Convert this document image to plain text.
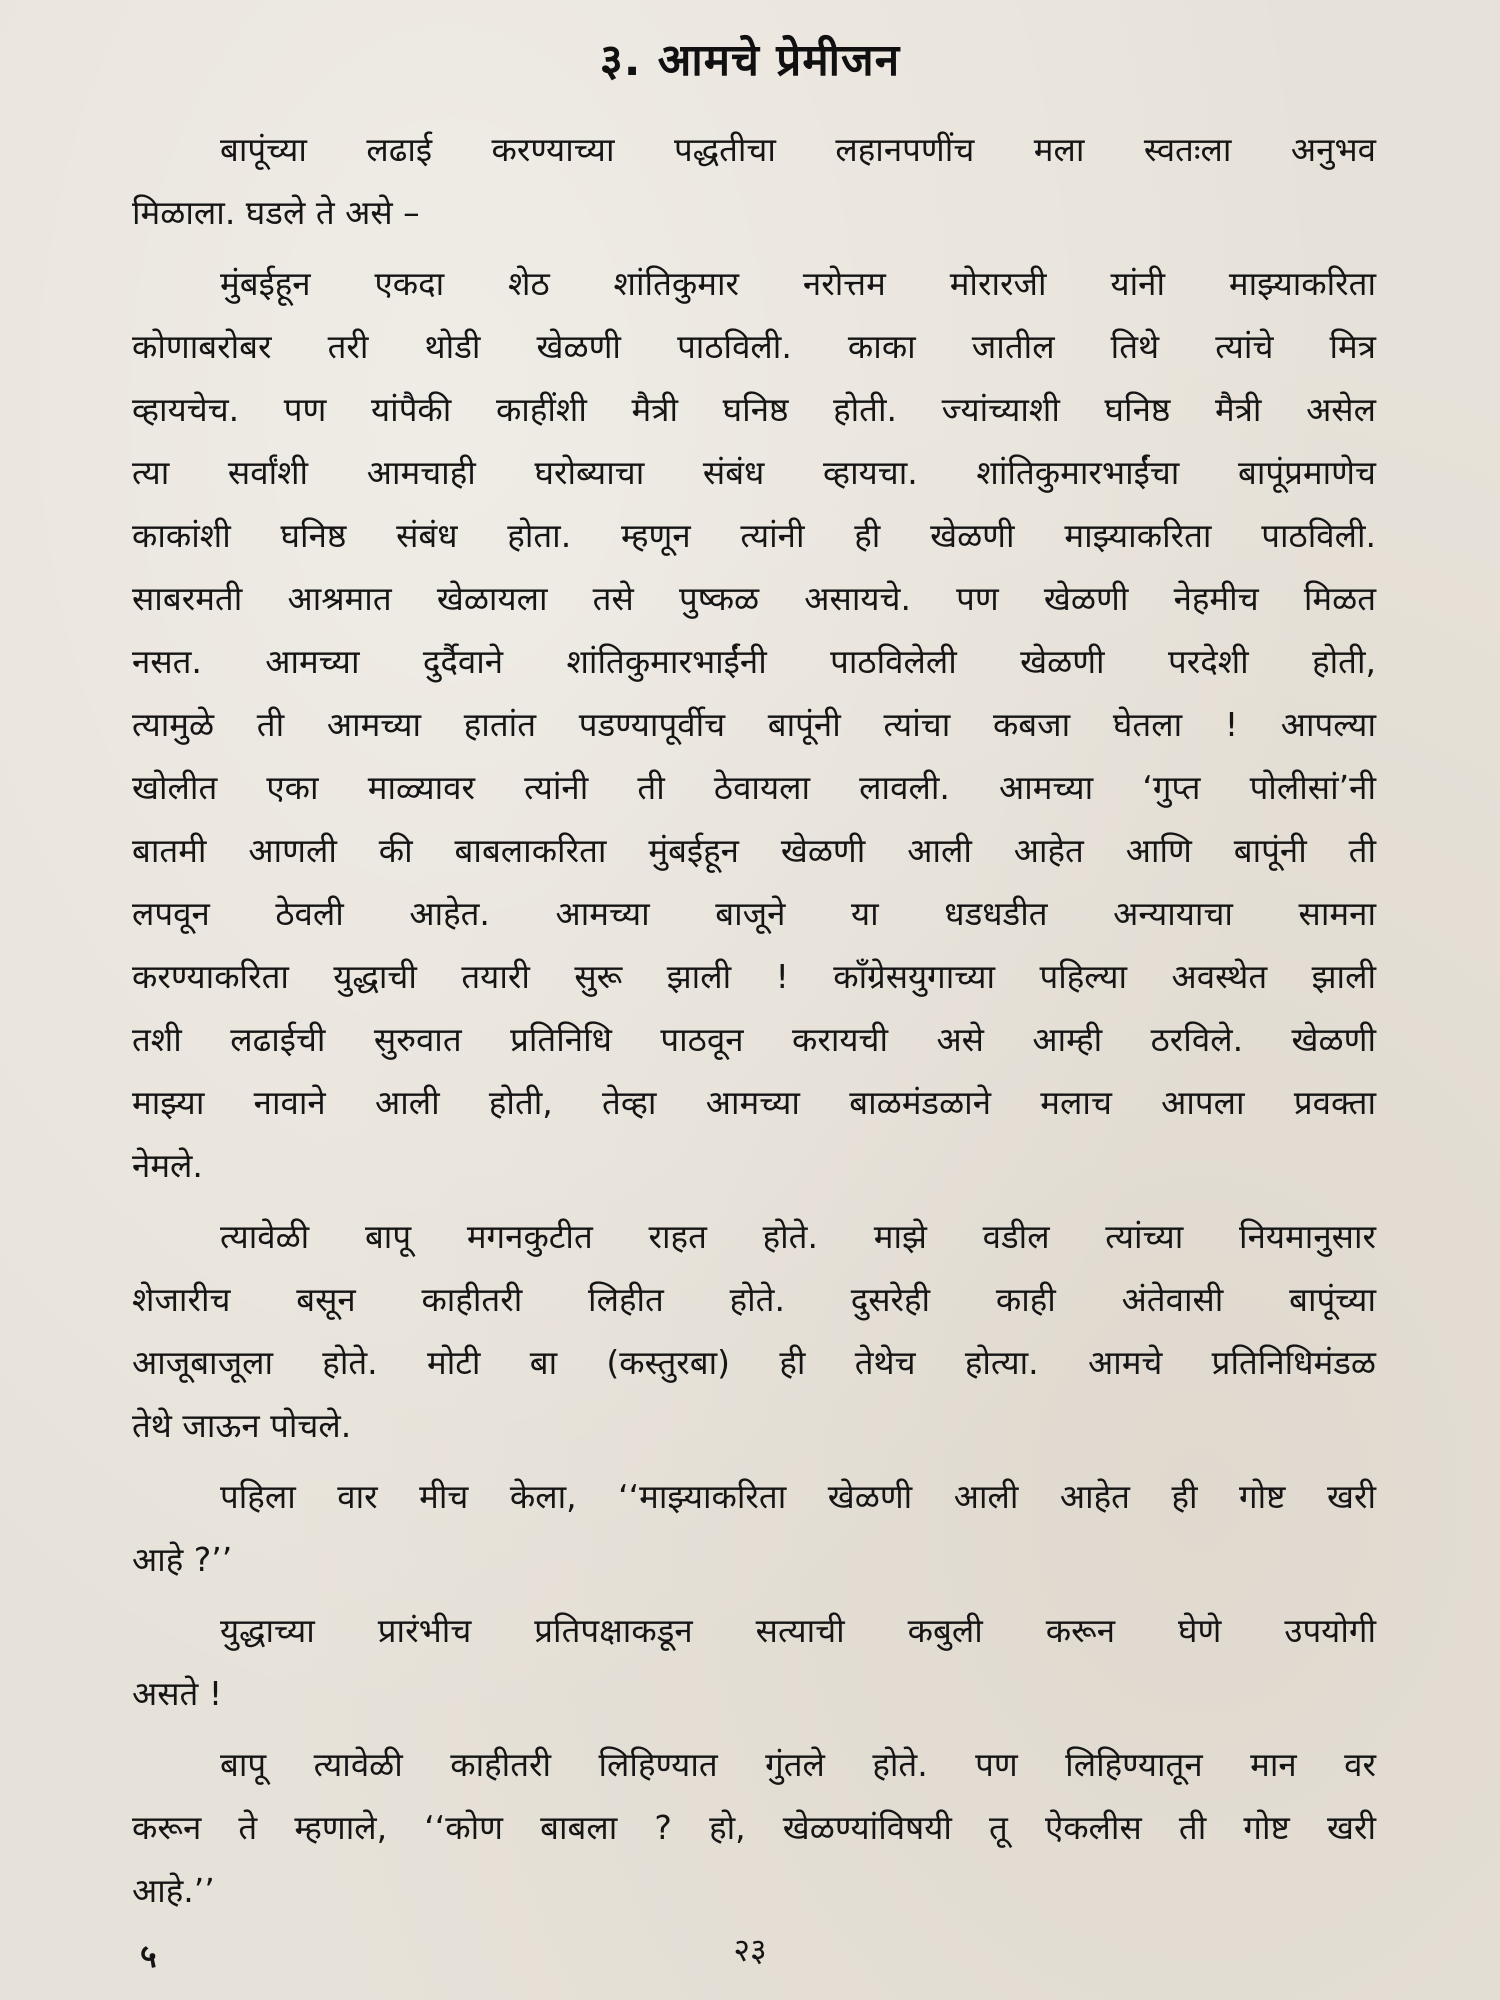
३. आमचे प्रेमीजन
बापूंच्या लढाई करण्याच्या पद्धतीचा लहानपणींच मला स्वतःला अनुभव
मिळाला. घडले ते असे –
मुंबईहून एकदा शेठ शांतिकुमार नरोत्तम मोरारजी यांनी माझ्याकरिता
कोणाबरोबर तरी थोडी खेळणी पाठविली. काका जातील तिथे त्यांचे मित्र
व्हायचेच. पण यांपैकी काहींशी मैत्री घनिष्ठ होती. ज्यांच्याशी घनिष्ठ मैत्री असेल
त्या सर्वांशी आमचाही घरोब्याचा संबंध व्हायचा. शांतिकुमारभाईंचा बापूंप्रमाणेच
काकांशी घनिष्ठ संबंध होता. म्हणून त्यांनी ही खेळणी माझ्याकरिता पाठविली.
साबरमती आश्रमात खेळायला तसे पुष्कळ असायचे. पण खेळणी नेहमीच मिळत
नसत. आमच्या दुर्दैवाने शांतिकुमारभाईंनी पाठविलेली खेळणी परदेशी होती,
त्यामुळे ती आमच्या हातांत पडण्यापूर्वीच बापूंनी त्यांचा कबजा घेतला ! आपल्या
खोलीत एका माळ्यावर त्यांनी ती ठेवायला लावली. आमच्या ‘गुप्त पोलीसां’नी
बातमी आणली की बाबलाकरिता मुंबईहून खेळणी आली आहेत आणि बापूंनी ती
लपवून ठेवली आहेत. आमच्या बाजूने या धडधडीत अन्यायाचा सामना
करण्याकरिता युद्धाची तयारी सुरू झाली ! कॉंग्रेसयुगाच्या पहिल्या अवस्थेत झाली
तशी लढाईची सुरुवात प्रतिनिधि पाठवून करायची असे आम्ही ठरविले. खेळणी
माझ्या नावाने आली होती, तेव्हा आमच्या बाळमंडळाने मलाच आपला प्रवक्ता
नेमले.
त्यावेळी बापू मगनकुटीत राहत होते. माझे वडील त्यांच्या नियमानुसार
शेजारीच बसून काहीतरी लिहीत होते. दुसरेही काही अंतेवासी बापूंच्या
आजूबाजूला होते. मोटी बा (कस्तुरबा) ही तेथेच होत्या. आमचे प्रतिनिधिमंडळ
तेथे जाऊन पोचले.
पहिला वार मीच केला, ‘‘माझ्याकरिता खेळणी आली आहेत ही गोष्ट खरी
आहे ?’’
युद्धाच्या प्रारंभीच प्रतिपक्षाकडून सत्याची कबुली करून घेणे उपयोगी
असते !
बापू त्यावेळी काहीतरी लिहिण्यात गुंतले होते. पण लिहिण्यातून मान वर
करून ते म्हणाले, ‘‘कोण बाबला ? हो, खेळण्यांविषयी तू ऐकलीस ती गोष्ट खरी
आहे.’’
५	२३
